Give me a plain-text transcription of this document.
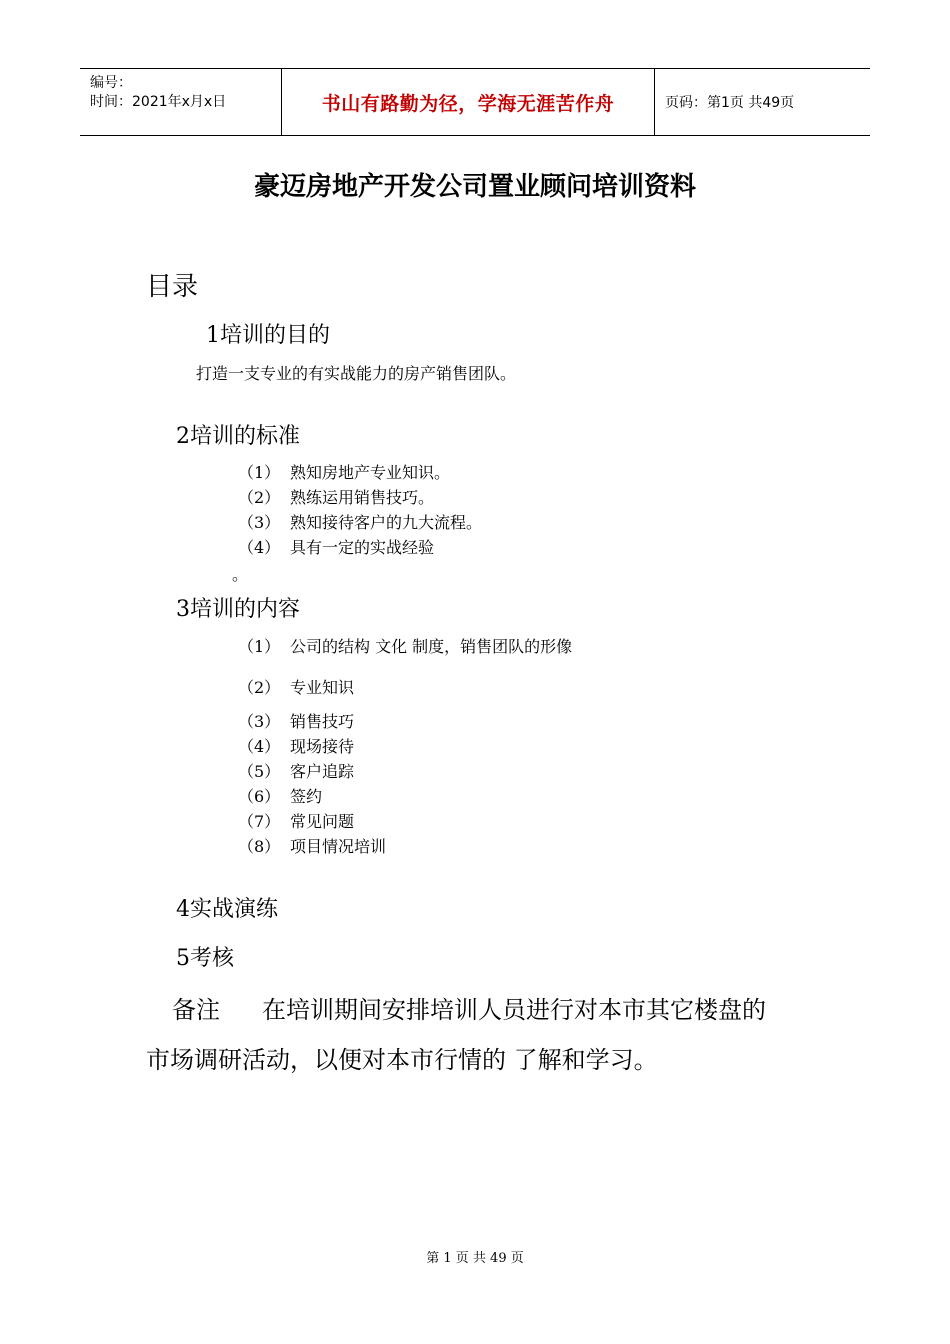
编号：
时间：2021年x月x日	书山有路勤为径，学海无涯苦作舟	页码：第1页 共49页
豪迈房地产开发公司置业顾问培训资料
目录
1培训的目的
打造一支专业的有实战能力的房产销售团队。
2培训的标准
（1） 熟知房地产专业知识。
（2） 熟练运用销售技巧。
（3） 熟知接待客户的九大流程。
（4） 具有一定的实战经验
。
3培训的内容
（1） 公司的结构 文化 制度，销售团队的形像
（2） 专业知识
（3） 销售技巧
（4） 现场接待
（5） 客户追踪
（6） 签约
（7） 常见问题
（8） 项目情况培训
4实战演练
5考核
备注 在培训期间安排培训人员进行对本市其它楼盘的
市场调研活动，以便对本市行情的 了解和学习。
第 1 页 共 49 页
